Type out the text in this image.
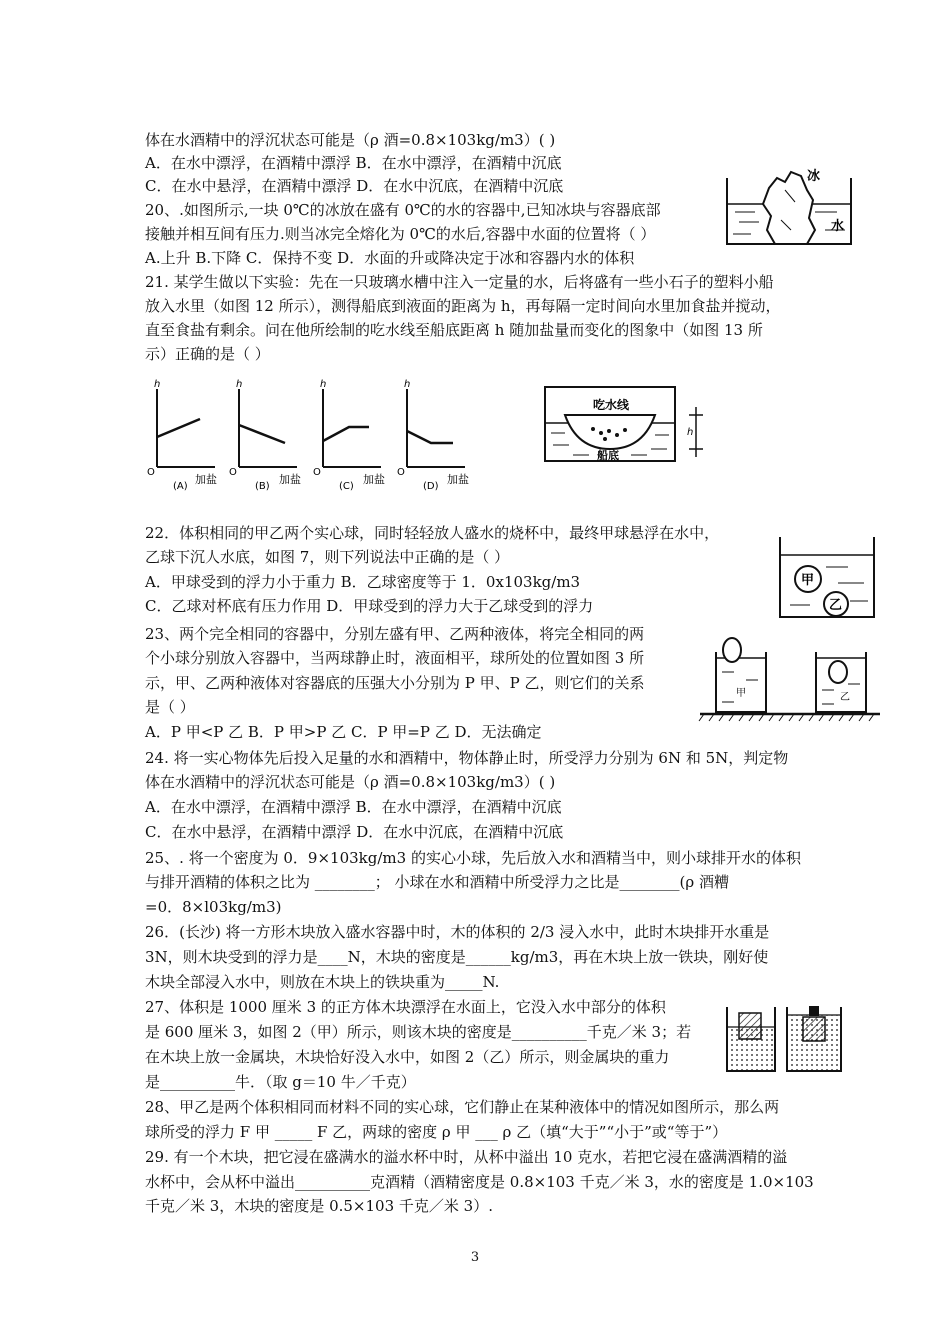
体在水酒精中的浮沉状态可能是（ρ 酒=0.8×103kg/m3）( )
A．在水中漂浮，在酒精中漂浮 B．在水中漂浮，在酒精中沉底
C．在水中悬浮，在酒精中漂浮 D．在水中沉底，在酒精中沉底
20、.如图所示,一块 0℃的冰放在盛有 0℃的水的容器中,已知冰块与容器底部
接触并相互间有压力.则当冰完全熔化为 0℃的水后,容器中水面的位置将（ ）
A.上升 B.下降 C．保持不变 D．水面的升或降决定于冰和容器内水的体积
21. 某学生做以下实验：先在一只玻璃水槽中注入一定量的水，后将盛有一些小石子的塑料小船
放入水里（如图 12 所示），测得船底到液面的距离为 h，再每隔一定时间向水里加食盐并搅动，
直至食盐有剩余。问在他所绘制的吃水线至船底距离 h 随加盐量而变化的图象中（如图 13 所
示）正确的是（ ）
22．体积相同的甲乙两个实心球，同时轻轻放人盛水的烧杯中，最终甲球悬浮在水中，
乙球下沉人水底，如图 7，则下列说法中正确的是（ ）
A．甲球受到的浮力小于重力 B．乙球密度等于 1．0x103kg/m3
C．乙球对杯底有压力作用 D．甲球受到的浮力大于乙球受到的浮力
23、两个完全相同的容器中，分别左盛有甲、乙两种液体，将完全相同的两
个小球分别放入容器中，当两球静止时，液面相平，球所处的位置如图 3 所
示，甲、乙两种液体对容器底的压强大小分别为 P 甲、P 乙，则它们的关系
是（ ）
A．P 甲<P 乙 B．P 甲>P 乙 C．P 甲=P 乙 D．无法确定
24. 将一实心物体先后投入足量的水和酒精中，物体静止时，所受浮力分别为 6N 和 5N，判定物
体在水酒精中的浮沉状态可能是（ρ 酒=0.8×103kg/m3）( )
A．在水中漂浮，在酒精中漂浮 B．在水中漂浮，在酒精中沉底
C．在水中悬浮，在酒精中漂浮 D．在水中沉底，在酒精中沉底
25、. 将一个密度为 0．9×103kg/m3 的实心小球，先后放入水和酒精当中，则小球排开水的体积
与排开酒精的体积之比为 ________； 小球在水和酒精中所受浮力之比是________(ρ 酒糟
=0．8×l03kg/m3)
26．(长沙) 将一方形木块放入盛水容器中时，木的体积的 2/3 浸入水中，此时木块排开水重是
3N，则木块受到的浮力是____N，木块的密度是______kg/m3，再在木块上放一铁块，刚好使
木块全部浸入水中，则放在木块上的铁块重为_____N.
27、体积是 1000 厘米 3 的正方体木块漂浮在水面上，它没入水中部分的体积
是 600 厘米 3，如图 2（甲）所示，则该木块的密度是__________千克／米 3；若
在木块上放一金属块，木块恰好没入水中，如图 2（乙）所示，则金属块的重力
是__________牛．（取 g＝10 牛／千克）
28、甲乙是两个体积相同而材料不同的实心球，它们静止在某种液体中的情况如图所示，那么两
球所受的浮力 F 甲 _____ F 乙，两球的密度 ρ 甲 ___ ρ 乙（填“大于”“小于”或“等于”）
29. 有一个木块，把它浸在盛满水的溢水杯中时，从杯中溢出 10 克水，若把它浸在盛满酒精的溢
水杯中，会从杯中溢出__________克酒精（酒精密度是 0.8×103 千克／米 3，水的密度是 1.0×103
千克／米 3，木块的密度是 0.5×103 千克／米 3）.
冰
水
h
O
(A)
加盐
h
O
(B)
加盐
h
O
(C)
加盐
h
O
(D)
加盐
吃水线
船底
h
甲
乙
甲	乙
3
